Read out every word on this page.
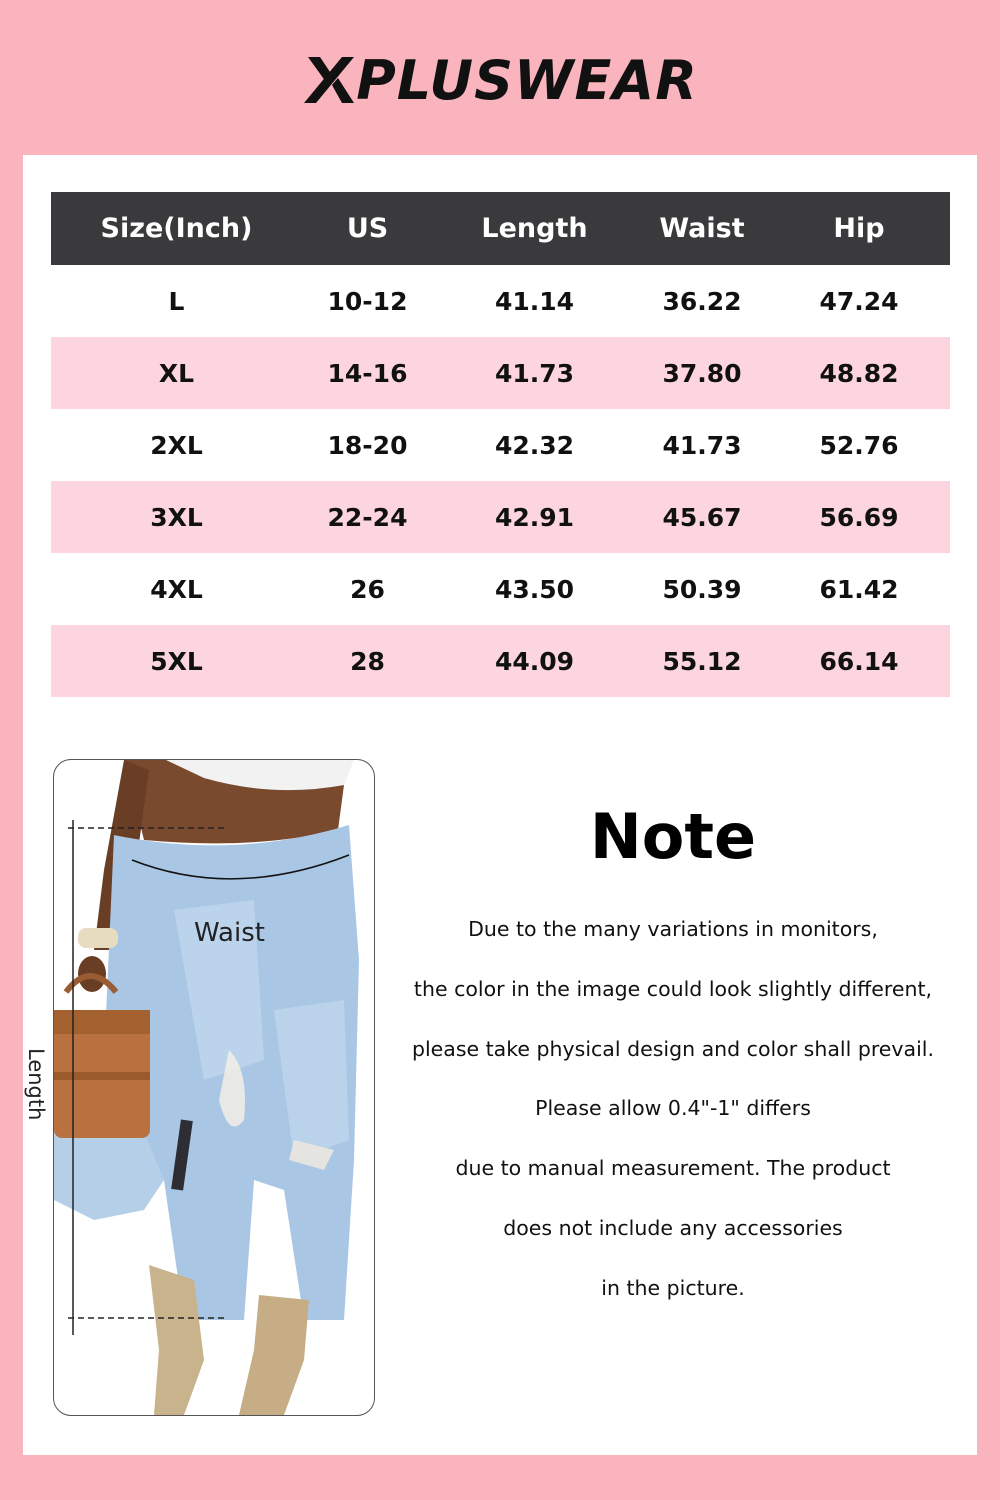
PLUSWEAR
Size(Inch)	US	Length	Waist	Hip
L	10-12	41.14	36.22	47.24
XL	14-16	41.73	37.80	48.82
2XL	18-20	42.32	41.73	52.76
3XL	22-24	42.91	45.67	56.69
4XL	26	43.50	50.39	61.42
5XL	28	44.09	55.12	66.14
Waist
Length
Note
Due to the many variations in monitors,
the color in the image could look slightly different,
please take physical design and color shall prevail.
Please allow 0.4"-1" differs
due to manual measurement. The product
does not include any accessories
in the picture.
